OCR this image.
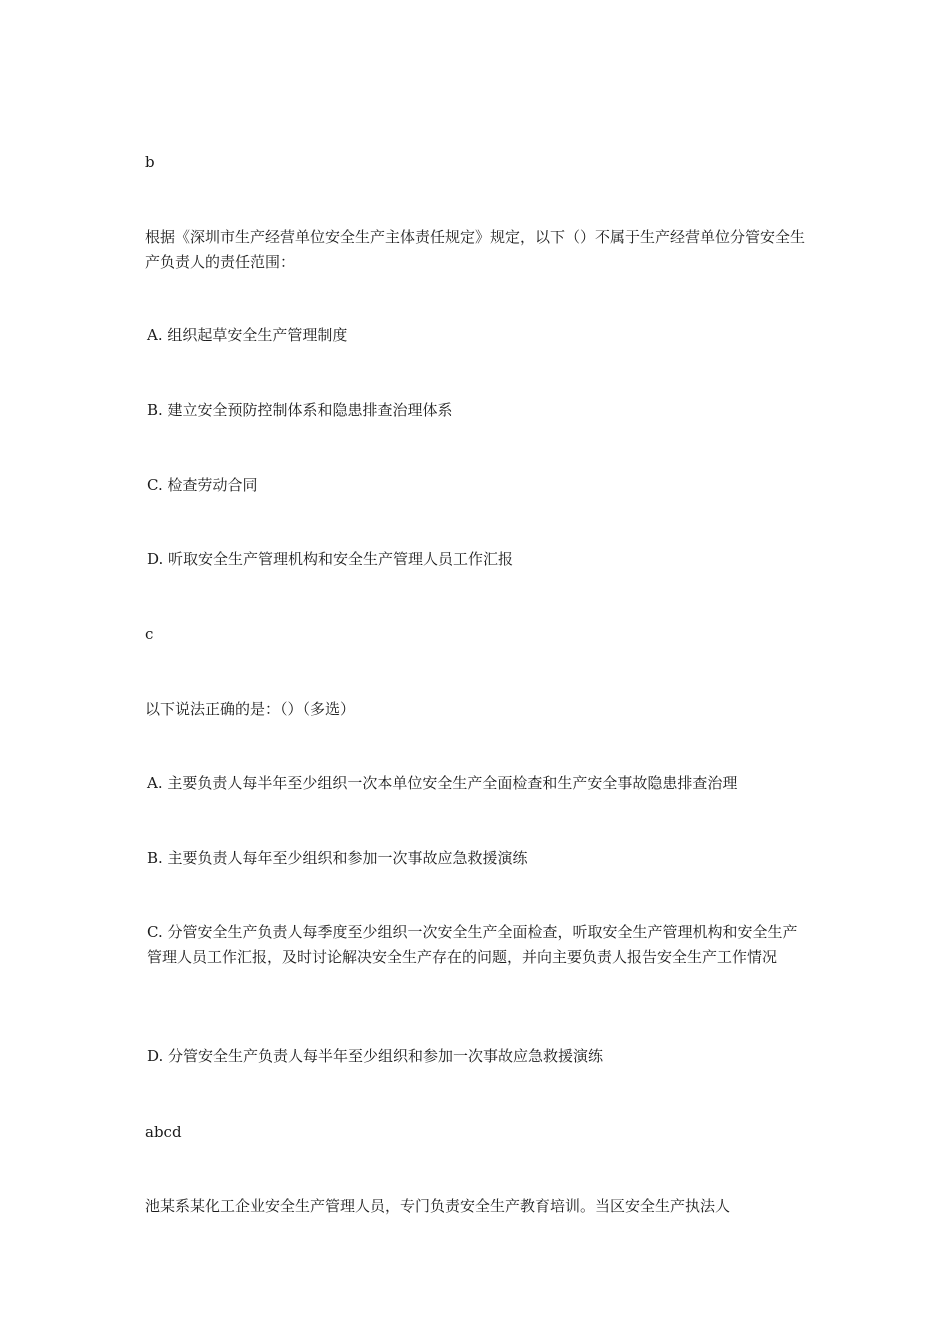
b
根据《深圳市生产经营单位安全生产主体责任规定》规定，以下（）不属于生产经营单位分管安全生产负责人的责任范围：
A. 组织起草安全生产管理制度
B. 建立安全预防控制体系和隐患排查治理体系
C. 检查劳动合同
D. 听取安全生产管理机构和安全生产管理人员工作汇报
c
以下说法正确的是：（）（多选）
A. 主要负责人每半年至少组织一次本单位安全生产全面检查和生产安全事故隐患排查治理
B. 主要负责人每年至少组织和参加一次事故应急救援演练
C. 分管安全生产负责人每季度至少组织一次安全生产全面检查，听取安全生产管理机构和安全生产管理人员工作汇报，及时讨论解决安全生产存在的问题，并向主要负责人报告安全生产工作情况
D. 分管安全生产负责人每半年至少组织和参加一次事故应急救援演练
abcd
池某系某化工企业安全生产管理人员，专门负责安全生产教育培训。当区安全生产执法人
